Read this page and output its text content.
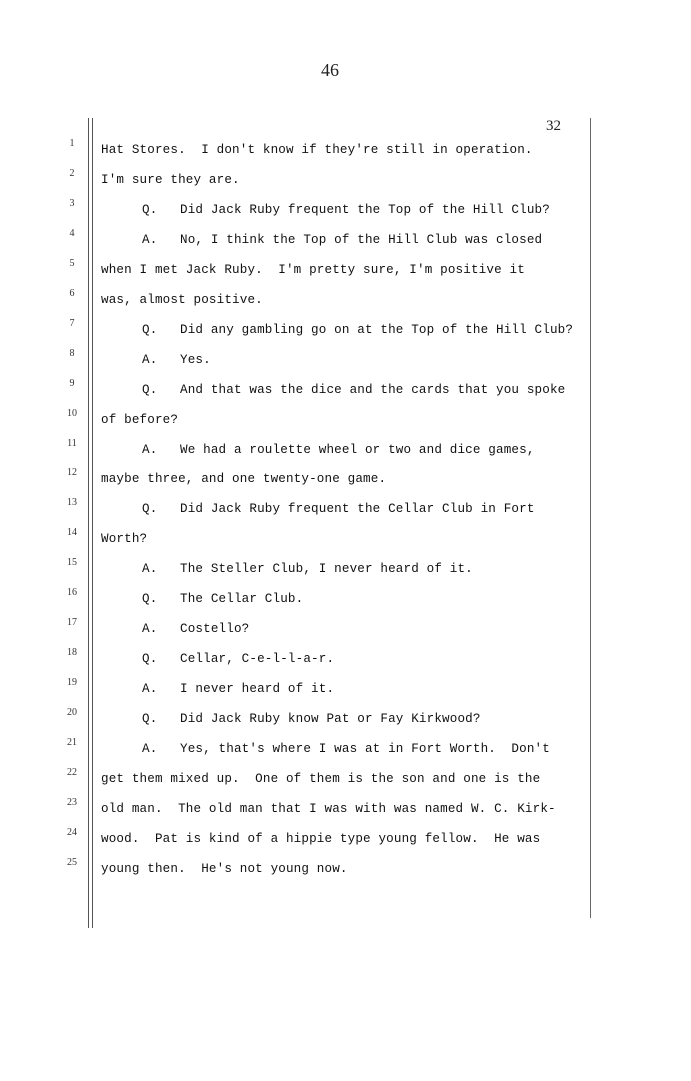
46
32
1	Hat Stores.  I don't know if they're still in operation.
2	I'm sure they are.
3	Q. Did Jack Ruby frequent the Top of the Hill Club?
4	A. No, I think the Top of the Hill Club was closed
5	when I met Jack Ruby.  I'm pretty sure, I'm positive it
6	was, almost positive.
7	Q. Did any gambling go on at the Top of the Hill Club?
8	A. Yes.
9	Q. And that was the dice and the cards that you spoke
10	of before?
11	A. We had a roulette wheel or two and dice games,
12	maybe three, and one twenty-one game.
13	Q. Did Jack Ruby frequent the Cellar Club in Fort
14	Worth?
15	A. The Steller Club, I never heard of it.
16	Q. The Cellar Club.
17	A. Costello?
18	Q. Cellar, C-e-l-l-a-r.
19	A. I never heard of it.
20	Q. Did Jack Ruby know Pat or Fay Kirkwood?
21	A. Yes, that's where I was at in Fort Worth.  Don't
22	get them mixed up.  One of them is the son and one is the
23	old man.  The old man that I was with was named W. C. Kirk-
24	wood.  Pat is kind of a hippie type young fellow.  He was
25	young then.  He's not young now.
